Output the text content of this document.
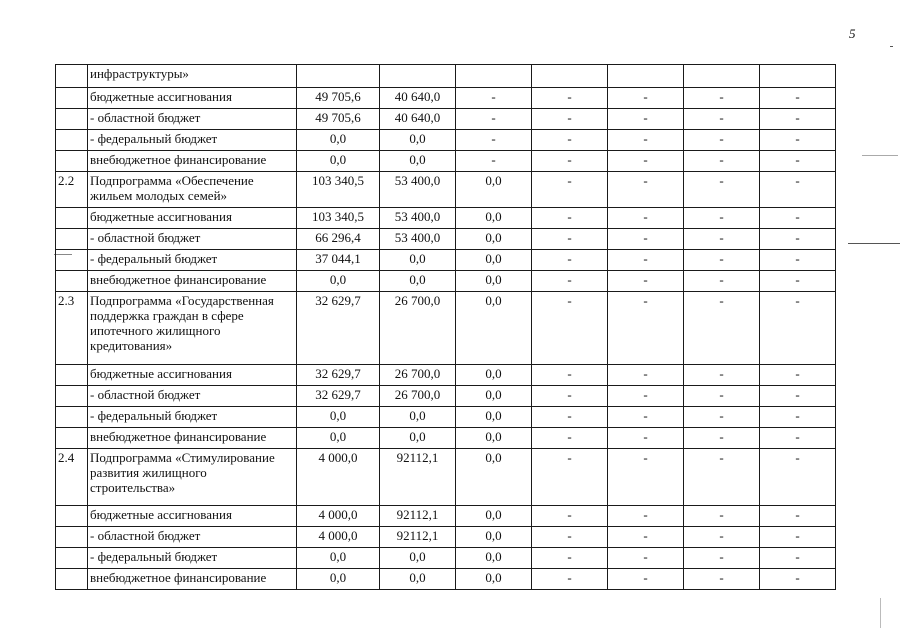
5
	инфраструктуры»							
	бюджетные ассигнования	49 705,6	40 640,0	-	-	-	-	-
	- областной бюджет	49 705,6	40 640,0	-	-	-	-	-
	- федеральный бюджет	0,0	0,0	-	-	-	-	-
	внебюджетное финансирование	0,0	0,0	-	-	-	-	-
2.2	Подпрограмма «Обеспечение жильем молодых семей»	103 340,5	53 400,0	0,0	-	-	-	-
	бюджетные ассигнования	103 340,5	53 400,0	0,0	-	-	-	-
	- областной бюджет	66 296,4	53 400,0	0,0	-	-	-	-
	- федеральный бюджет	37 044,1	0,0	0,0	-	-	-	-
	внебюджетное финансирование	0,0	0,0	0,0	-	-	-	-
2.3	Подпрограмма «Государственная поддержка граждан в сфере ипотечного жилищного кредитования»	32 629,7	26 700,0	0,0	-	-	-	-
	бюджетные ассигнования	32 629,7	26 700,0	0,0	-	-	-	-
	- областной бюджет	32 629,7	26 700,0	0,0	-	-	-	-
	- федеральный бюджет	0,0	0,0	0,0	-	-	-	-
	внебюджетное финансирование	0,0	0,0	0,0	-	-	-	-
2.4	Подпрограмма «Стимулирование развития жилищного строительства»	4 000,0	92112,1	0,0	-	-	-	-
	бюджетные ассигнования	4 000,0	92112,1	0,0	-	-	-	-
	- областной бюджет	4 000,0	92112,1	0,0	-	-	-	-
	- федеральный бюджет	0,0	0,0	0,0	-	-	-	-
	внебюджетное финансирование	0,0	0,0	0,0	-	-	-	-
